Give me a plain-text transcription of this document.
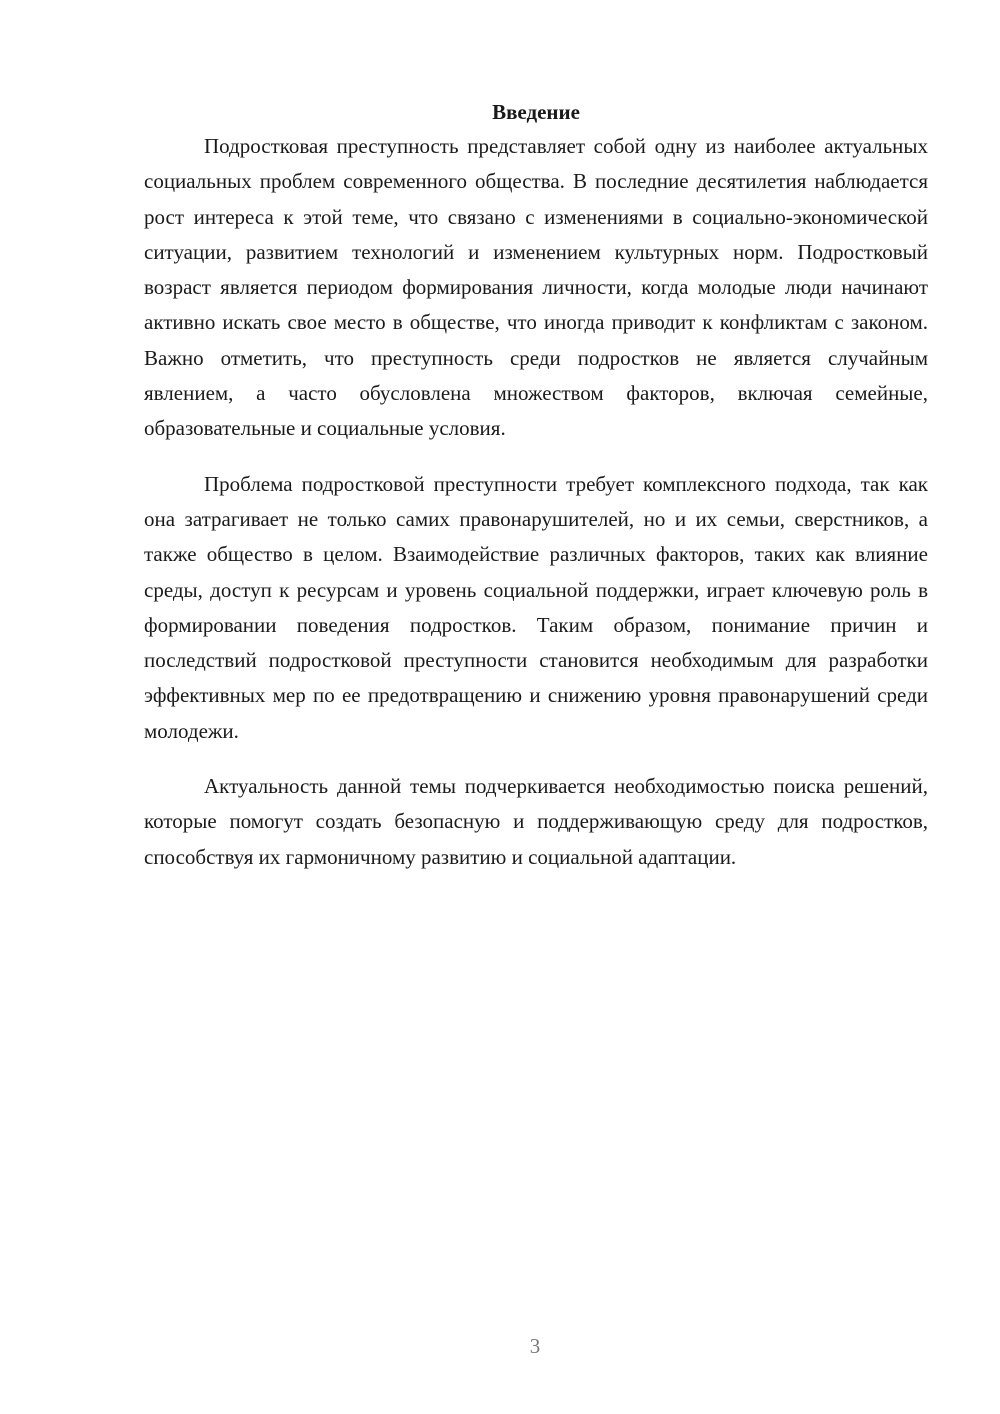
Введение

Подростковая преступность представляет собой одну из наиболее актуальных социальных проблем современного общества. В последние десятилетия наблюдается рост интереса к этой теме, что связано с изменениями в социально-экономической ситуации, развитием технологий и изменением культурных норм. Подростковый возраст является периодом формирования личности, когда молодые люди начинают активно искать свое место в обществе, что иногда приводит к конфликтам с законом. Важно отметить, что преступность среди подростков не является случайным явлением, а часто обусловлена множеством факторов, включая семейные, образовательные и социальные условия.

Проблема подростковой преступности требует комплексного подхода, так как она затрагивает не только самих правонарушителей, но и их семьи, сверстников, а также общество в целом. Взаимодействие различных факторов, таких как влияние среды, доступ к ресурсам и уровень социальной поддержки, играет ключевую роль в формировании поведения подростков. Таким образом, понимание причин и последствий подростковой преступности становится необходимым для разработки эффективных мер по ее предотвращению и снижению уровня правонарушений среди молодежи.

Актуальность данной темы подчеркивается необходимостью поиска решений, которые помогут создать безопасную и поддерживающую среду для подростков, способствуя их гармоничному развитию и социальной адаптации.

3
